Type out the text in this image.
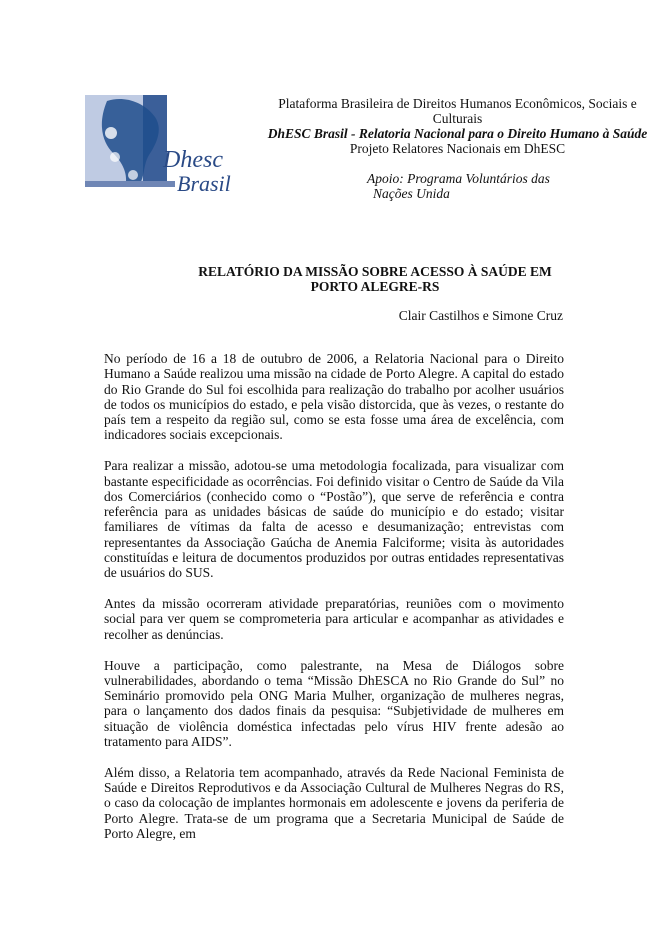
Dhesc
Brasil
Plataforma Brasileira de Direitos Humanos Econômicos, Sociais e
Culturais
DhESC Brasil - Relatoria Nacional para o Direito Humano à Saúde
Projeto Relatores Nacionais em DhESC
Apoio: Programa Voluntários das
Nações Unida
RELATÓRIO DA MISSÃO SOBRE ACESSO À SAÚDE EM
PORTO ALEGRE-RS
Clair Castilhos e Simone Cruz

No período de 16 a 18 de outubro de 2006, a Relatoria Nacional para o Direito Humano a Saúde realizou uma missão na cidade de Porto Alegre. A capital do estado do Rio Grande do Sul foi escolhida para realização do trabalho por acolher usuários de todos os municípios do estado, e pela visão distorcida, que às vezes, o restante do país tem a respeito da região sul, como se esta fosse uma área de excelência, com indicadores sociais excepcionais.

Para realizar a missão, adotou-se uma metodologia focalizada, para visualizar com bastante especificidade as ocorrências. Foi definido visitar o Centro de Saúde da Vila dos Comerciários (conhecido como o “Postão”), que serve de referência e contra referência para as unidades básicas de saúde do município e do estado; visitar familiares de vítimas da falta de acesso e desumanização; entrevistas com representantes da Associação Gaúcha de Anemia Falciforme; visita às autoridades constituídas e leitura de documentos produzidos por outras entidades representativas de usuários do SUS.

Antes da missão ocorreram atividade preparatórias, reuniões com o movimento social para ver quem se comprometeria para articular e acompanhar as atividades e recolher as denúncias.

Houve a participação, como palestrante, na Mesa de Diálogos sobre vulnerabilidades, abordando o tema “Missão DhESCA no Rio Grande do Sul” no Seminário promovido pela ONG Maria Mulher, organização de mulheres negras, para o lançamento dos dados finais da pesquisa: “Subjetividade de mulheres em situação de violência doméstica infectadas pelo vírus HIV frente adesão ao tratamento para AIDS”.

Além disso, a Relatoria tem acompanhado, através da Rede Nacional Feminista de Saúde e Direitos Reprodutivos e da Associação Cultural de Mulheres Negras do RS, o caso da colocação de implantes hormonais em adolescente e jovens da periferia de Porto Alegre. Trata-se de um programa que a Secretaria Municipal de Saúde de Porto Alegre, em
